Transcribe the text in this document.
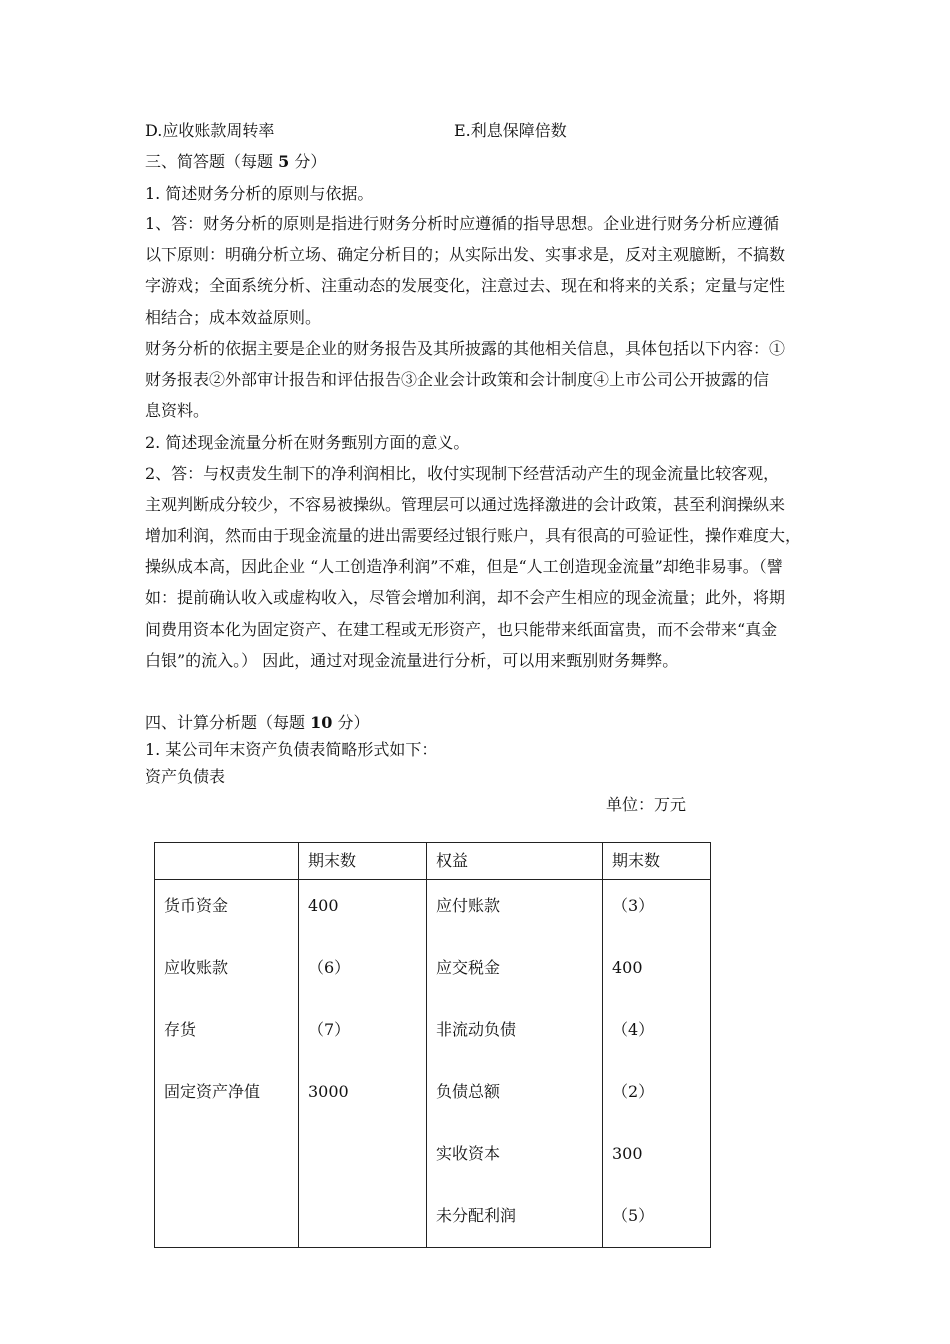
D.应收账款周转率	E.利息保障倍数
三、简答题（每题 5 分）
1. 简述财务分析的原则与依据。
1、答：财务分析的原则是指进行财务分析时应遵循的指导思想。企业进行财务分析应遵循
以下原则：明确分析立场、确定分析目的；从实际出发、实事求是，反对主观臆断，不搞数
字游戏；全面系统分析、注重动态的发展变化，注意过去、现在和将来的关系；定量与定性
相结合；成本效益原则。
财务分析的依据主要是企业的财务报告及其所披露的其他相关信息，具体包括以下内容：①
财务报表②外部审计报告和评估报告③企业会计政策和会计制度④上市公司公开披露的信
息资料。
2. 简述现金流量分析在财务甄别方面的意义。
2、答：与权责发生制下的净利润相比，收付实现制下经营活动产生的现金流量比较客观，
主观判断成分较少，不容易被操纵。管理层可以通过选择激进的会计政策，甚至利润操纵来
增加利润，然而由于现金流量的进出需要经过银行账户，具有很高的可验证性，操作难度大，
操纵成本高，因此企业 “人工创造净利润”不难，但是“人工创造现金流量”却绝非易事。（譬
如：提前确认收入或虚构收入，尽管会增加利润，却不会产生相应的现金流量；此外，将期
间费用资本化为固定资产、在建工程或无形资产，也只能带来纸面富贵，而不会带来“真金
白银”的流入。） 因此，通过对现金流量进行分析，可以用来甄别财务舞弊。
四、计算分析题（每题 10 分）
1. 某公司年末资产负债表简略形式如下：
资产负债表
单位：万元
	期末数	权益	期末数
货币资金	400	应付账款	（3）
应收账款	（6）	应交税金	400
存货	（7）	非流动负债	（4）
固定资产净值	3000	负债总额	（2）
		实收资本	300
		未分配利润	（5）
